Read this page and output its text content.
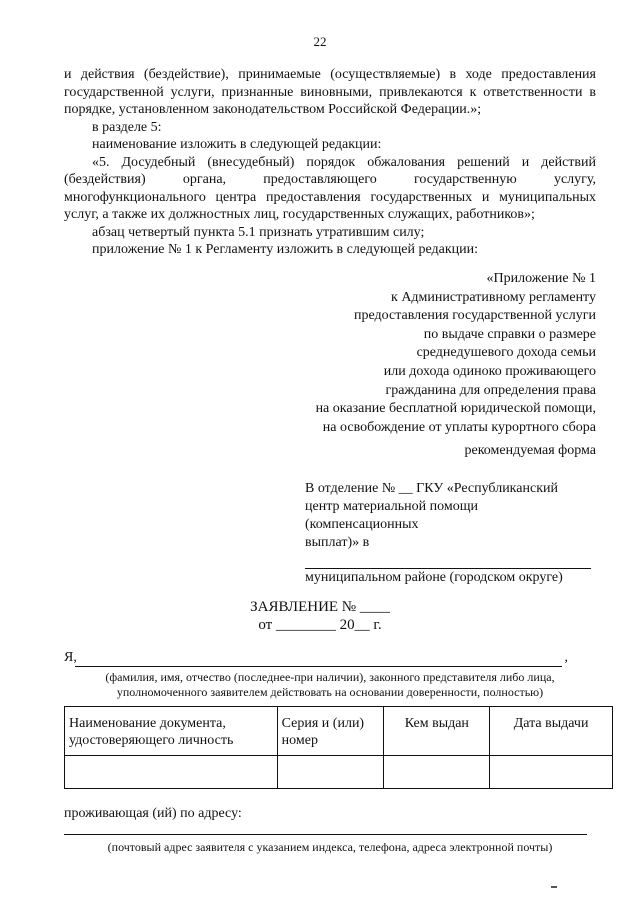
22

и действия (бездействие), принимаемые (осуществляемые) в ходе предоставления государственной услуги, признанные виновными, привлекаются к ответственности в порядке, установленном законодательством Российской Федерации.»;

в разделе 5:

наименование изложить в следующей редакции:

«5. Досудебный (внесудебный) порядок обжалования решений и действий (бездействия) органа, предоставляющего государственную услугу, многофункционального центра предоставления государственных и муниципальных услуг, а также их должностных лиц, государственных служащих, работников»;

абзац четвертый пункта 5.1 признать утратившим силу;

приложение № 1 к Регламенту изложить в следующей редакции:

«Приложение № 1
к Административному регламенту
предоставления государственной услуги
по выдаче справки о размере
среднедушевого дохода семьи
или дохода одиноко проживающего
гражданина для определения права
на оказание бесплатной юридической помощи,
на освобождение от уплаты курортного сбора
рекомендуемая форма
В отделение № __ ГКУ «Республиканский
центр материальной помощи
(компенсационных
выплат)» в
муниципальном районе (городском округе)
ЗАЯВЛЕНИЕ № ____
от ________ 20__ г.
Я,	,
(фамилия, имя, отчество (последнее-при наличии), законного представителя либо лица,
уполномоченного заявителем действовать на основании доверенности, полностью)
Наименование документа, удостоверяющего личность	Серия и (или) номер	Кем выдан	Дата выдачи

проживающая (ий) по адресу:
(почтовый адрес заявителя с указанием индекса, телефона, адреса электронной почты)
